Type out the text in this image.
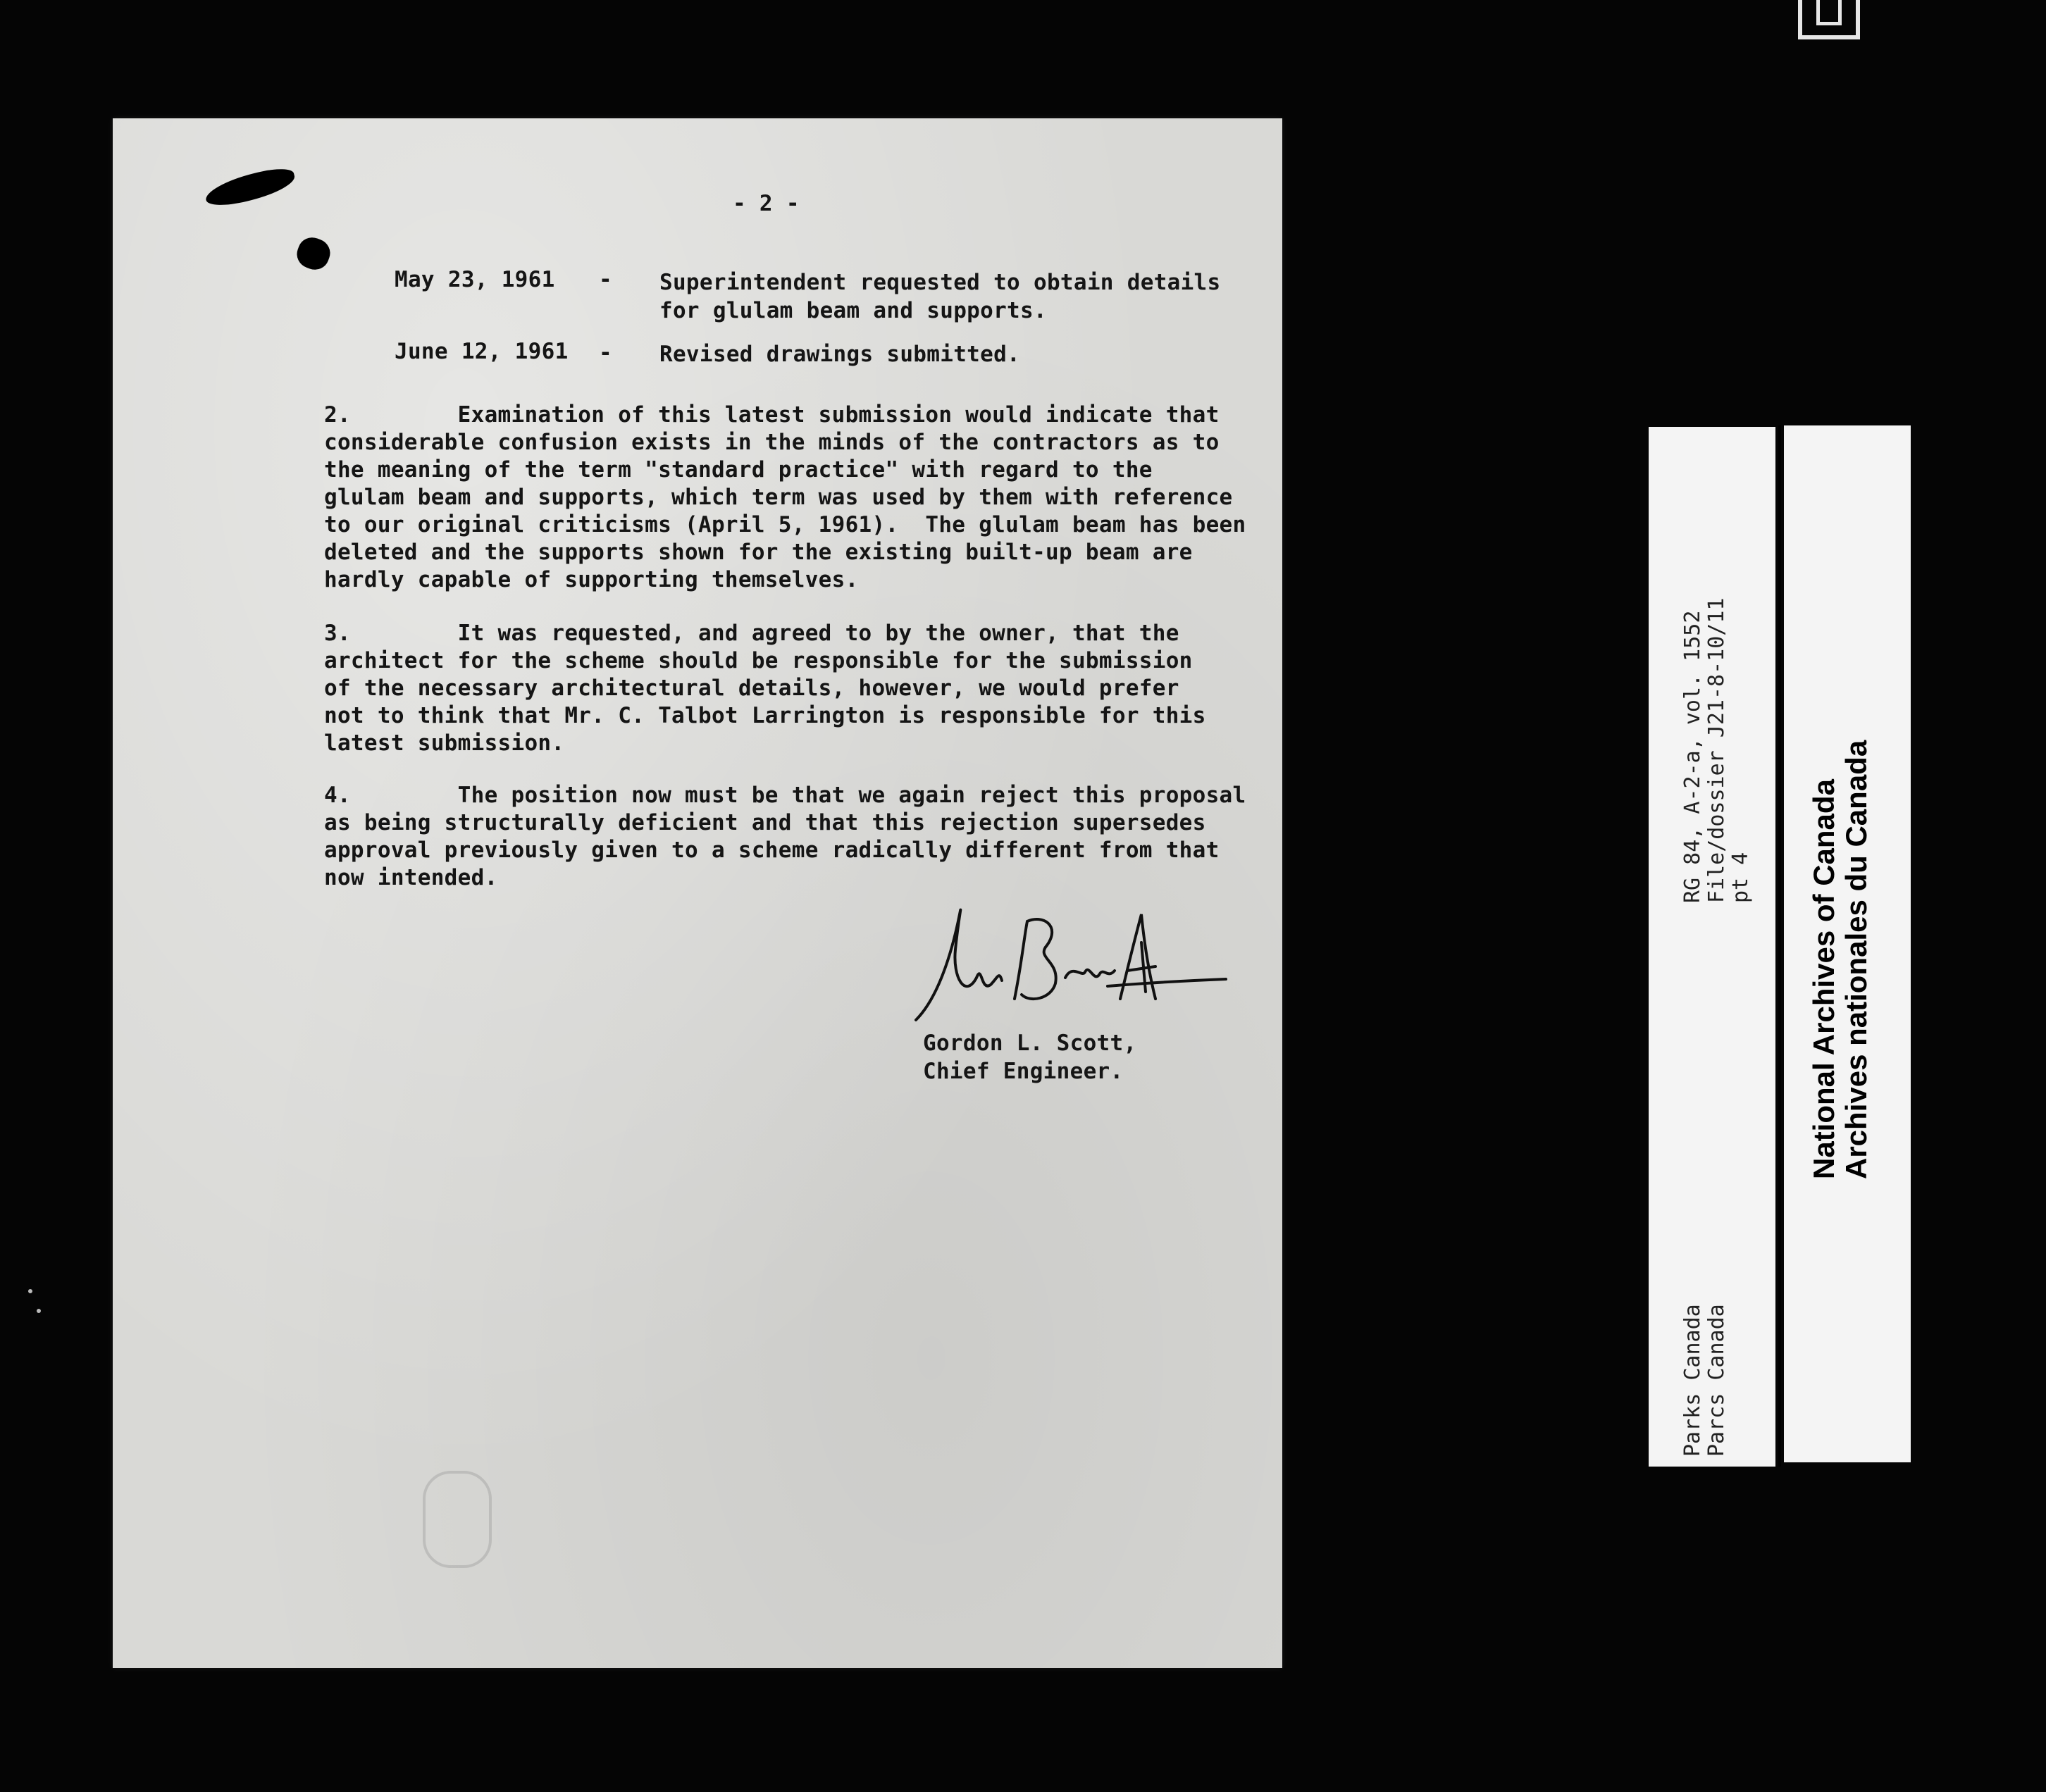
- 2 -
May 23, 1961 - Superintendent requested to obtain details
for glulam beam and supports.
June 12, 1961 - Revised drawings submitted.
2.        Examination of this latest submission would indicate that
considerable confusion exists in the minds of the contractors as to
the meaning of the term "standard practice" with regard to the
glulam beam and supports, which term was used by them with reference
to our original criticisms (April 5, 1961).  The glulam beam has been
deleted and the supports shown for the existing built-up beam are
hardly capable of supporting themselves.
3.        It was requested, and agreed to by the owner, that the
architect for the scheme should be responsible for the submission
of the necessary architectural details, however, we would prefer
not to think that Mr. C. Talbot Larrington is responsible for this
latest submission.
4.        The position now must be that we again reject this proposal
as being structurally deficient and that this rejection supersedes
approval previously given to a scheme radically different from that
now intended.
Gordon L. Scott,
Chief Engineer.
RG 84, A-2-a, vol. 1552
File/dossier J21-8-10/11
pt 4
Parks Canada
Parcs Canada
National Archives of Canada
Archives nationales du Canada
